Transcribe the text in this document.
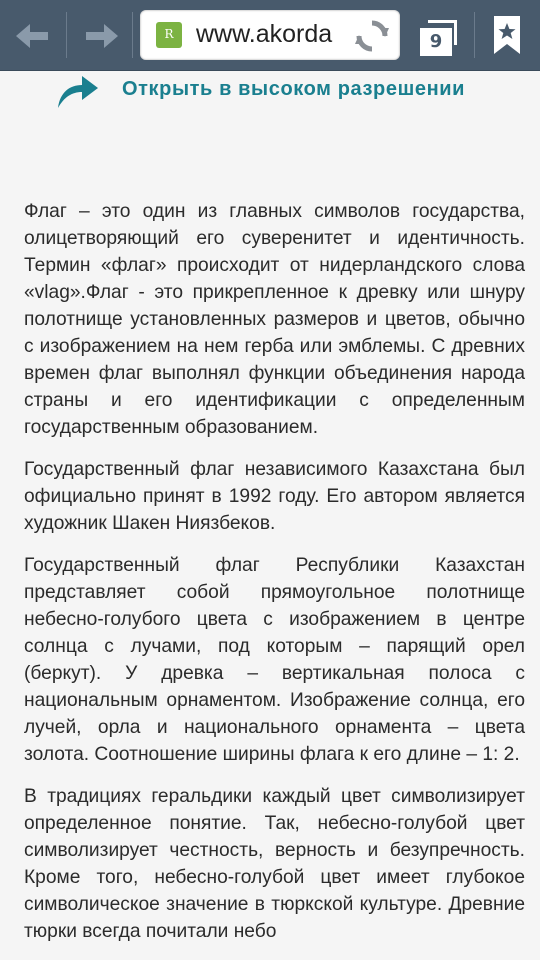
R www.akorda	9
Открыть в высоком разрешении

Флаг – это один из главных символов государства, олицетворяющий его суверенитет и идентичность. Термин «флаг» происходит от нидерландского слова «vlag».Флаг - это прикрепленное к древку или шнуру полотнище установленных размеров и цветов, обычно с изображением на нем герба или эмблемы. С древних времен флаг выполнял функции объединения народа страны и его идентификации с определенным государственным образованием.

Государственный флаг независимого Казахстана был официально принят в 1992 году. Его автором является художник Шакен Ниязбеков.

Государственный флаг Республики Казахстан представляет собой прямоугольное полотнище небесно-голубого цвета с изображением в центре солнца с лучами, под которым – парящий орел (беркут). У древка – вертикальная полоса с национальным орнаментом. Изображение солнца, его лучей, орла и национального орнамента – цвета золота. Соотношение ширины флага к его длине – 1: 2.

В традициях геральдики каждый цвет символизирует определенное понятие. Так, небесно-голубой цвет символизирует честность, верность и безупречность. Кроме того, небесно-голубой цвет имеет глубокое символическое значение в тюркской культуре. Древние тюрки всегда почитали небо
